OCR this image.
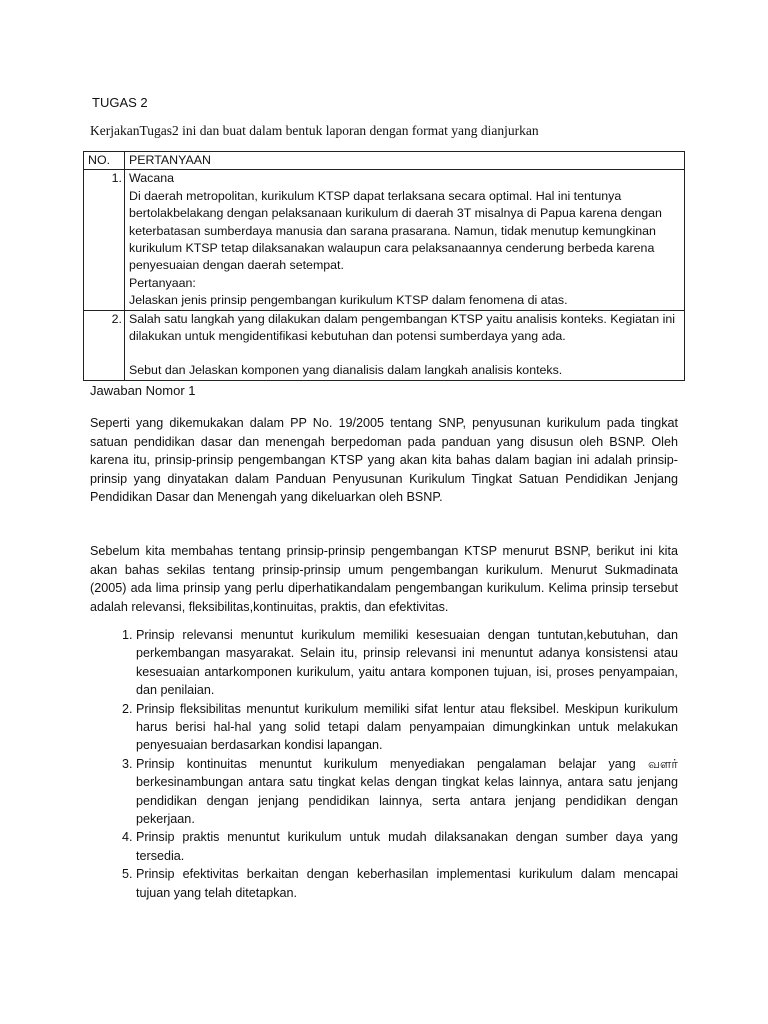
TUGAS 2
KerjakanTugas2 ini dan buat dalam bentuk laporan dengan format yang dianjurkan
NO.	PERTANYAAN
1.	Wacana
Di daerah metropolitan, kurikulum KTSP dapat terlaksana secara optimal. Hal ini tentunya bertolakbelakang dengan pelaksanaan kurikulum di daerah 3T misalnya di Papua karena dengan keterbatasan sumberdaya manusia dan sarana prasarana. Namun, tidak menutup kemungkinan kurikulum KTSP tetap dilaksanakan walaupun cara pelaksanaannya cenderung berbeda karena penyesuaian dengan daerah setempat.
Pertanyaan:
Jelaskan jenis prinsip pengembangan kurikulum KTSP dalam fenomena di atas.

2.	Salah satu langkah yang dilakukan dalam pengembangan KTSP yaitu analisis konteks. Kegiatan ini dilakukan untuk mengidentifikasi kebutuhan dan potensi sumberdaya yang ada.
Sebut dan Jelaskan komponen yang dianalisis dalam langkah analisis konteks.
Jawaban Nomor 1

Seperti yang dikemukakan dalam PP No. 19/2005 tentang SNP, penyusunan kurikulum pada tingkat satuan pendidikan dasar dan menengah berpedoman pada panduan yang disusun oleh BSNP. Oleh karena itu, prinsip-prinsip pengembangan KTSP yang akan kita bahas dalam bagian ini adalah prinsip-prinsip yang dinyatakan dalam Panduan Penyusunan Kurikulum Tingkat Satuan Pendidikan Jenjang Pendidikan Dasar dan Menengah yang dikeluarkan oleh BSNP.

Sebelum kita membahas tentang prinsip-prinsip pengembangan KTSP menurut BSNP, berikut ini kita akan bahas sekilas tentang prinsip-prinsip umum pengembangan kurikulum. Menurut Sukmadinata (2005) ada lima prinsip yang perlu diperhatikandalam pengembangan kurikulum. Kelima prinsip tersebut adalah relevansi, fleksibilitas,kontinuitas, praktis, dan efektivitas.

1. Prinsip relevansi menuntut kurikulum memiliki kesesuaian dengan tuntutan,kebutuhan, dan perkembangan masyarakat. Selain itu, prinsip relevansi ini menuntut adanya konsistensi atau kesesuaian antarkomponen kurikulum, yaitu antara komponen tujuan, isi, proses penyampaian, dan penilaian.
2. Prinsip fleksibilitas menuntut kurikulum memiliki sifat lentur atau fleksibel. Meskipun kurikulum harus berisi hal-hal yang solid tetapi dalam penyampaian dimungkinkan untuk melakukan penyesuaian berdasarkan kondisi lapangan.
3. Prinsip kontinuitas menuntut kurikulum menyediakan pengalaman belajar yang வளர் berkesinambungan antara satu tingkat kelas dengan tingkat kelas lainnya, antara satu jenjang pendidikan dengan jenjang pendidikan lainnya, serta antara jenjang pendidikan dengan pekerjaan.
4. Prinsip praktis menuntut kurikulum untuk mudah dilaksanakan dengan sumber daya yang tersedia.
5. Prinsip efektivitas berkaitan dengan keberhasilan implementasi kurikulum dalam mencapai tujuan yang telah ditetapkan.
